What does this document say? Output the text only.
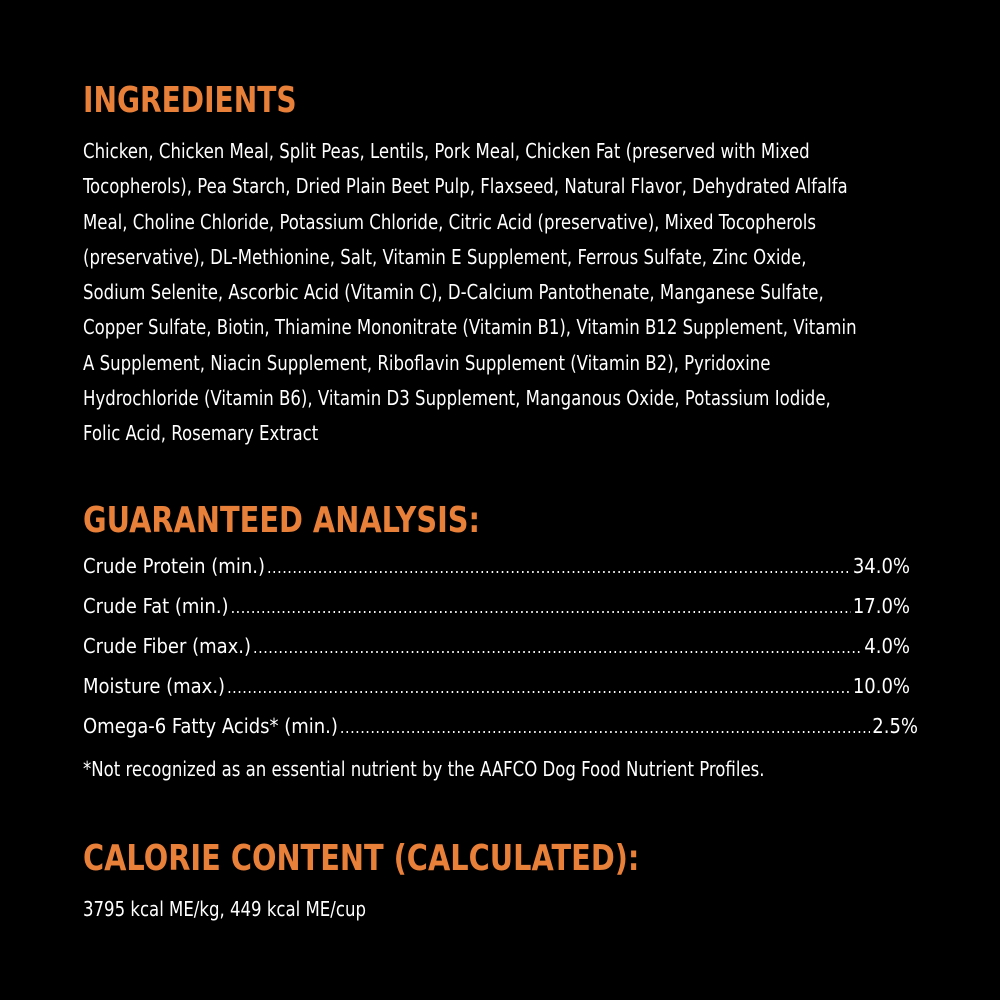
INGREDIENTS

Chicken, Chicken Meal, Split Peas, Lentils, Pork Meal, Chicken Fat (preserved with Mixed Tocopherols), Pea Starch, Dried Plain Beet Pulp, Flaxseed, Natural Flavor, Dehydrated Alfalfa Meal, Choline Chloride, Potassium Chloride, Citric Acid (preservative), Mixed Tocopherols (preservative), DL-Methionine, Salt, Vitamin E Supplement, Ferrous Sulfate, Zinc Oxide, Sodium Selenite, Ascorbic Acid (Vitamin C), D-Calcium Pantothenate, Manganese Sulfate, Copper Sulfate, Biotin, Thiamine Mononitrate (Vitamin B1), Vitamin B12 Supplement, Vitamin A Supplement, Niacin Supplement, Riboflavin Supplement (Vitamin B2), Pyridoxine Hydrochloride (Vitamin B6), Vitamin D3 Supplement, Manganous Oxide, Potassium Iodide, Folic Acid, Rosemary Extract

GUARANTEED ANALYSIS:
Crude Protein (min.) .....	34.0%
Crude Fat (min.) .....	17.0%
Crude Fiber (max.) .....	4.0%
Moisture (max.) .....	10.0%
Omega-6 Fatty Acids* (min.) .....	2.5%

*Not recognized as an essential nutrient by the AAFCO Dog Food Nutrient Profiles.

CALORIE CONTENT (CALCULATED):

3795 kcal ME/kg, 449 kcal ME/cup
